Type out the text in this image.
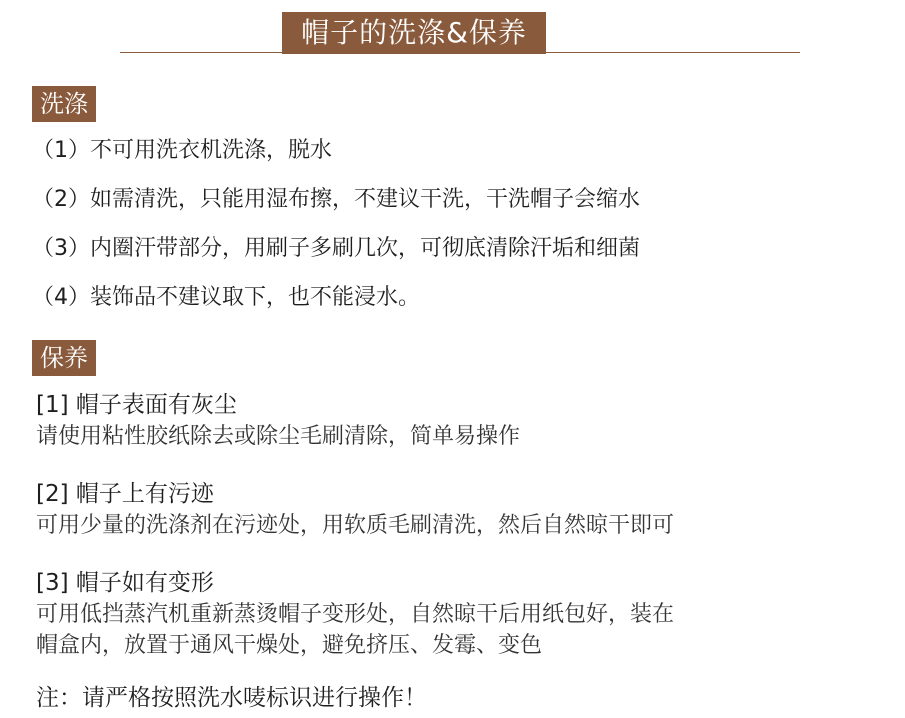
帽子的洗涤&保养
洗涤
（1）不可用洗衣机洗涤，脱水
（2）如需清洗，只能用湿布擦，不建议干洗，干洗帽子会缩水
（3）内圈汗带部分，用刷子多刷几次，可彻底清除汗垢和细菌
（4）装饰品不建议取下，也不能浸水。
保养
[1] 帽子表面有灰尘
请使用粘性胶纸除去或除尘毛刷清除，简单易操作
[2] 帽子上有污迹
可用少量的洗涤剂在污迹处，用软质毛刷清洗，然后自然晾干即可
[3] 帽子如有变形
可用低挡蒸汽机重新蒸烫帽子变形处，自然晾干后用纸包好，装在
帽盒内，放置于通风干燥处，避免挤压、发霉、变色
注：请严格按照洗水唛标识进行操作！
